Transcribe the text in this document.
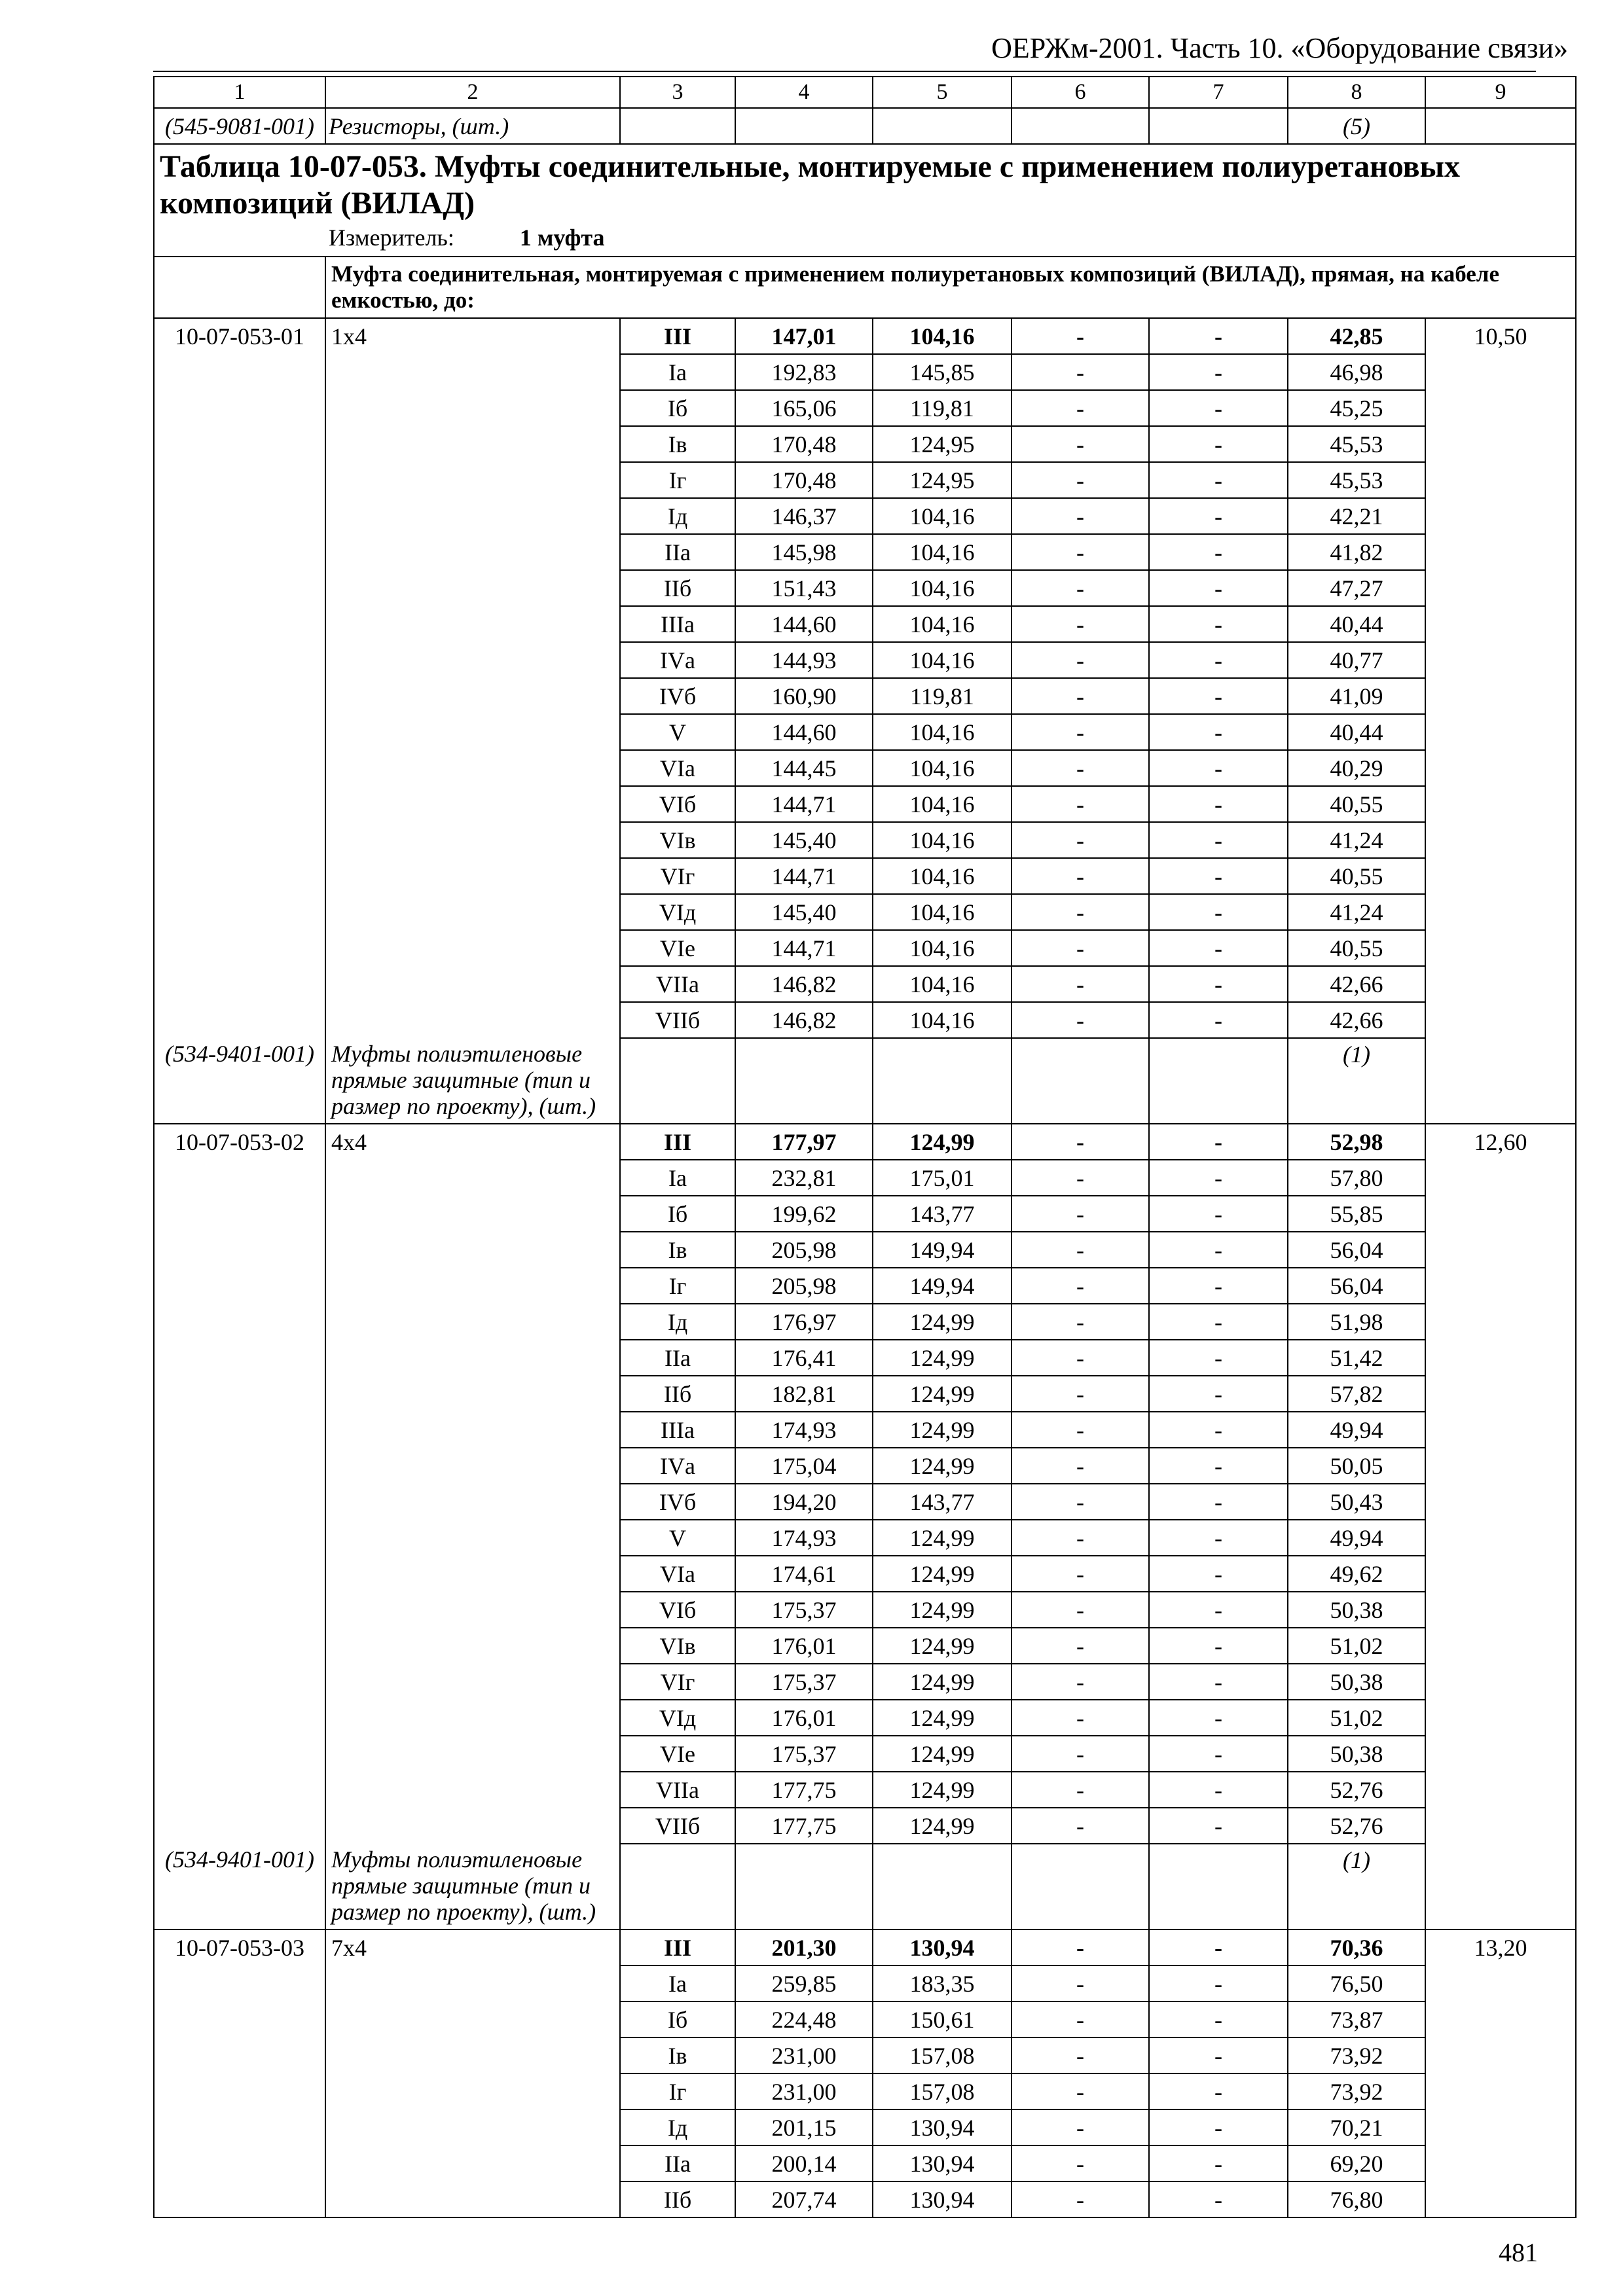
ОЕРЖм-2001. Часть 10. «Оборудование связи»
1	2	3	4	5	6	7	8	9
(545-9081-001)	Резисторы, (шт.)						(5)	

Таблица 10-07-053. Муфты соединительные, монтируемые с применением полиуретановых композиций (ВИЛАД)
Измеритель: 1 муфта								

	Муфта соединительная, монтируемая с применением полиуретановых композиций (ВИЛАД), прямая, на кабеле емкостью, до:							
10-07-053-01	1x4	III	147,01	104,16	-	-	42,85	10,50
		Iа	192,83	145,85	-	-	46,98	
		Iб	165,06	119,81	-	-	45,25	
		Iв	170,48	124,95	-	-	45,53	
		Iг	170,48	124,95	-	-	45,53	
		Iд	146,37	104,16	-	-	42,21	
		IIа	145,98	104,16	-	-	41,82	
		IIб	151,43	104,16	-	-	47,27	
		IIIа	144,60	104,16	-	-	40,44	
		IVа	144,93	104,16	-	-	40,77	
		IVб	160,90	119,81	-	-	41,09	
		V	144,60	104,16	-	-	40,44	
		VIа	144,45	104,16	-	-	40,29	
		VIб	144,71	104,16	-	-	40,55	
		VIв	145,40	104,16	-	-	41,24	
		VIг	144,71	104,16	-	-	40,55	
		VIд	145,40	104,16	-	-	41,24	
		VIе	144,71	104,16	-	-	40,55	
		VIIа	146,82	104,16	-	-	42,66	
		VIIб	146,82	104,16	-	-	42,66	
(534-9401-001)	Муфты полиэтиленовые прямые защитные (тип и размер по проекту), (шт.)						(1)	
10-07-053-02	4x4	III	177,97	124,99	-	-	52,98	12,60
		Iа	232,81	175,01	-	-	57,80	
		Iб	199,62	143,77	-	-	55,85	
		Iв	205,98	149,94	-	-	56,04	
		Iг	205,98	149,94	-	-	56,04	
		Iд	176,97	124,99	-	-	51,98	
		IIа	176,41	124,99	-	-	51,42	
		IIб	182,81	124,99	-	-	57,82	
		IIIа	174,93	124,99	-	-	49,94	
		IVа	175,04	124,99	-	-	50,05	
		IVб	194,20	143,77	-	-	50,43	
		V	174,93	124,99	-	-	49,94	
		VIа	174,61	124,99	-	-	49,62	
		VIб	175,37	124,99	-	-	50,38	
		VIв	176,01	124,99	-	-	51,02	
		VIг	175,37	124,99	-	-	50,38	
		VIд	176,01	124,99	-	-	51,02	
		VIе	175,37	124,99	-	-	50,38	
		VIIа	177,75	124,99	-	-	52,76	
		VIIб	177,75	124,99	-	-	52,76	
(534-9401-001)	Муфты полиэтиленовые прямые защитные (тип и размер по проекту), (шт.)						(1)	
10-07-053-03	7x4	III	201,30	130,94	-	-	70,36	13,20
		Iа	259,85	183,35	-	-	76,50	
		Iб	224,48	150,61	-	-	73,87	
		Iв	231,00	157,08	-	-	73,92	
		Iг	231,00	157,08	-	-	73,92	
		Iд	201,15	130,94	-	-	70,21	
		IIа	200,14	130,94	-	-	69,20	
		IIб	207,74	130,94	-	-	76,80	
481
